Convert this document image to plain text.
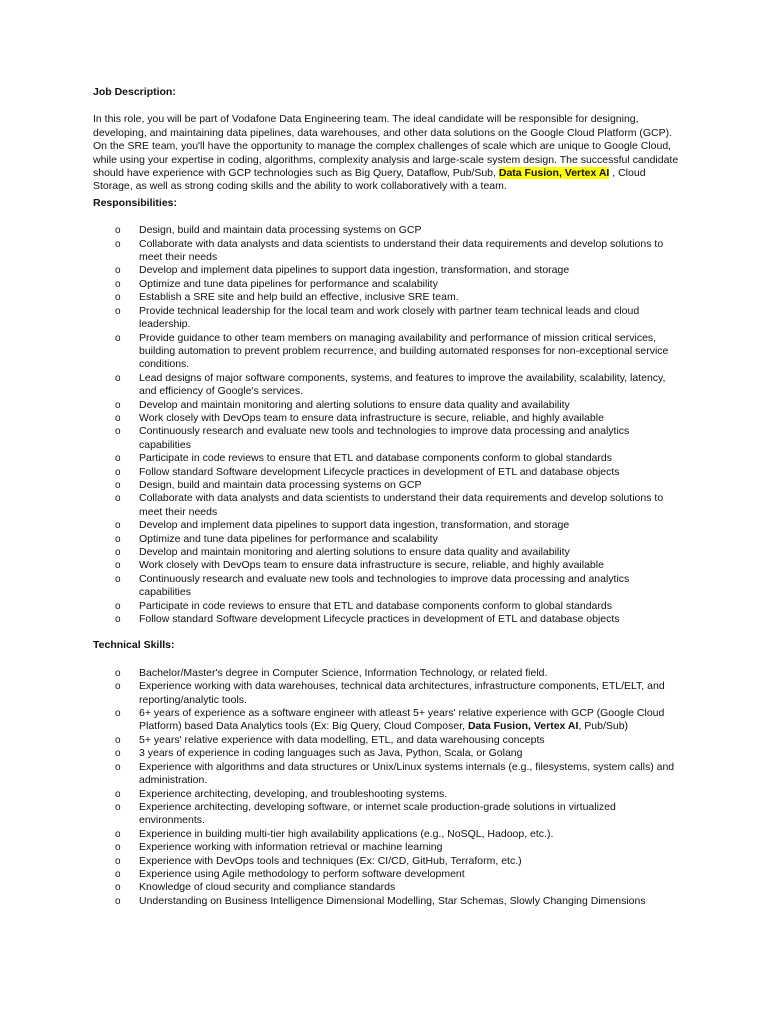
Job Description:

In this role, you will be part of Vodafone Data Engineering team. The ideal candidate will be responsible for designing, developing, and maintaining data pipelines, data warehouses, and other data solutions on the Google Cloud Platform (GCP). On the SRE team, you'll have the opportunity to manage the complex challenges of scale which are unique to Google Cloud, while using your expertise in coding, algorithms, complexity analysis and large-scale system design. The successful candidate should have experience with GCP technologies such as Big Query, Dataflow, Pub/Sub, Data Fusion, Vertex AI , Cloud Storage, as well as strong coding skills and the ability to work collaboratively with a team.

Responsibilities:

o Design, build and maintain data processing systems on GCP
o Collaborate with data analysts and data scientists to understand their data requirements and develop solutions to meet their needs
o Develop and implement data pipelines to support data ingestion, transformation, and storage
o Optimize and tune data pipelines for performance and scalability
o Establish a SRE site and help build an effective, inclusive SRE team.
o Provide technical leadership for the local team and work closely with partner team technical leads and cloud leadership.
o Provide guidance to other team members on managing availability and performance of mission critical services, building automation to prevent problem recurrence, and building automated responses for non-exceptional service conditions.
o Lead designs of major software components, systems, and features to improve the availability, scalability, latency, and efficiency of Google's services.
o Develop and maintain monitoring and alerting solutions to ensure data quality and availability
o Work closely with DevOps team to ensure data infrastructure is secure, reliable, and highly available
o Continuously research and evaluate new tools and technologies to improve data processing and analytics capabilities
o Participate in code reviews to ensure that ETL and database components conform to global standards
o Follow standard Software development Lifecycle practices in development of ETL and database objects
o Design, build and maintain data processing systems on GCP
o Collaborate with data analysts and data scientists to understand their data requirements and develop solutions to meet their needs
o Develop and implement data pipelines to support data ingestion, transformation, and storage
o Optimize and tune data pipelines for performance and scalability
o Develop and maintain monitoring and alerting solutions to ensure data quality and availability
o Work closely with DevOps team to ensure data infrastructure is secure, reliable, and highly available
o Continuously research and evaluate new tools and technologies to improve data processing and analytics capabilities
o Participate in code reviews to ensure that ETL and database components conform to global standards
o Follow standard Software development Lifecycle practices in development of ETL and database objects

Technical Skills:

o Bachelor/Master's degree in Computer Science, Information Technology, or related field.
o Experience working with data warehouses, technical data architectures, infrastructure components, ETL/ELT, and reporting/analytic tools.
o 6+ years of experience as a software engineer with atleast 5+ years' relative experience with GCP (Google Cloud Platform) based Data Analytics tools (Ex: Big Query, Cloud Composer, Data Fusion, Vertex AI, Pub/Sub)
o 5+ years' relative experience with data modelling, ETL, and data warehousing concepts
o 3 years of experience in coding languages such as Java, Python, Scala, or Golang
o Experience with algorithms and data structures or Unix/Linux systems internals (e.g., filesystems, system calls) and administration.
o Experience architecting, developing, and troubleshooting systems.
o Experience architecting, developing software, or internet scale production-grade solutions in virtualized environments.
o Experience in building multi-tier high availability applications (e.g., NoSQL, Hadoop, etc.).
o Experience working with information retrieval or machine learning
o Experience with DevOps tools and techniques (Ex: CI/CD, GitHub, Terraform, etc.)
o Experience using Agile methodology to perform software development
o Knowledge of cloud security and compliance standards
o Understanding on Business Intelligence Dimensional Modelling, Star Schemas, Slowly Changing Dimensions
